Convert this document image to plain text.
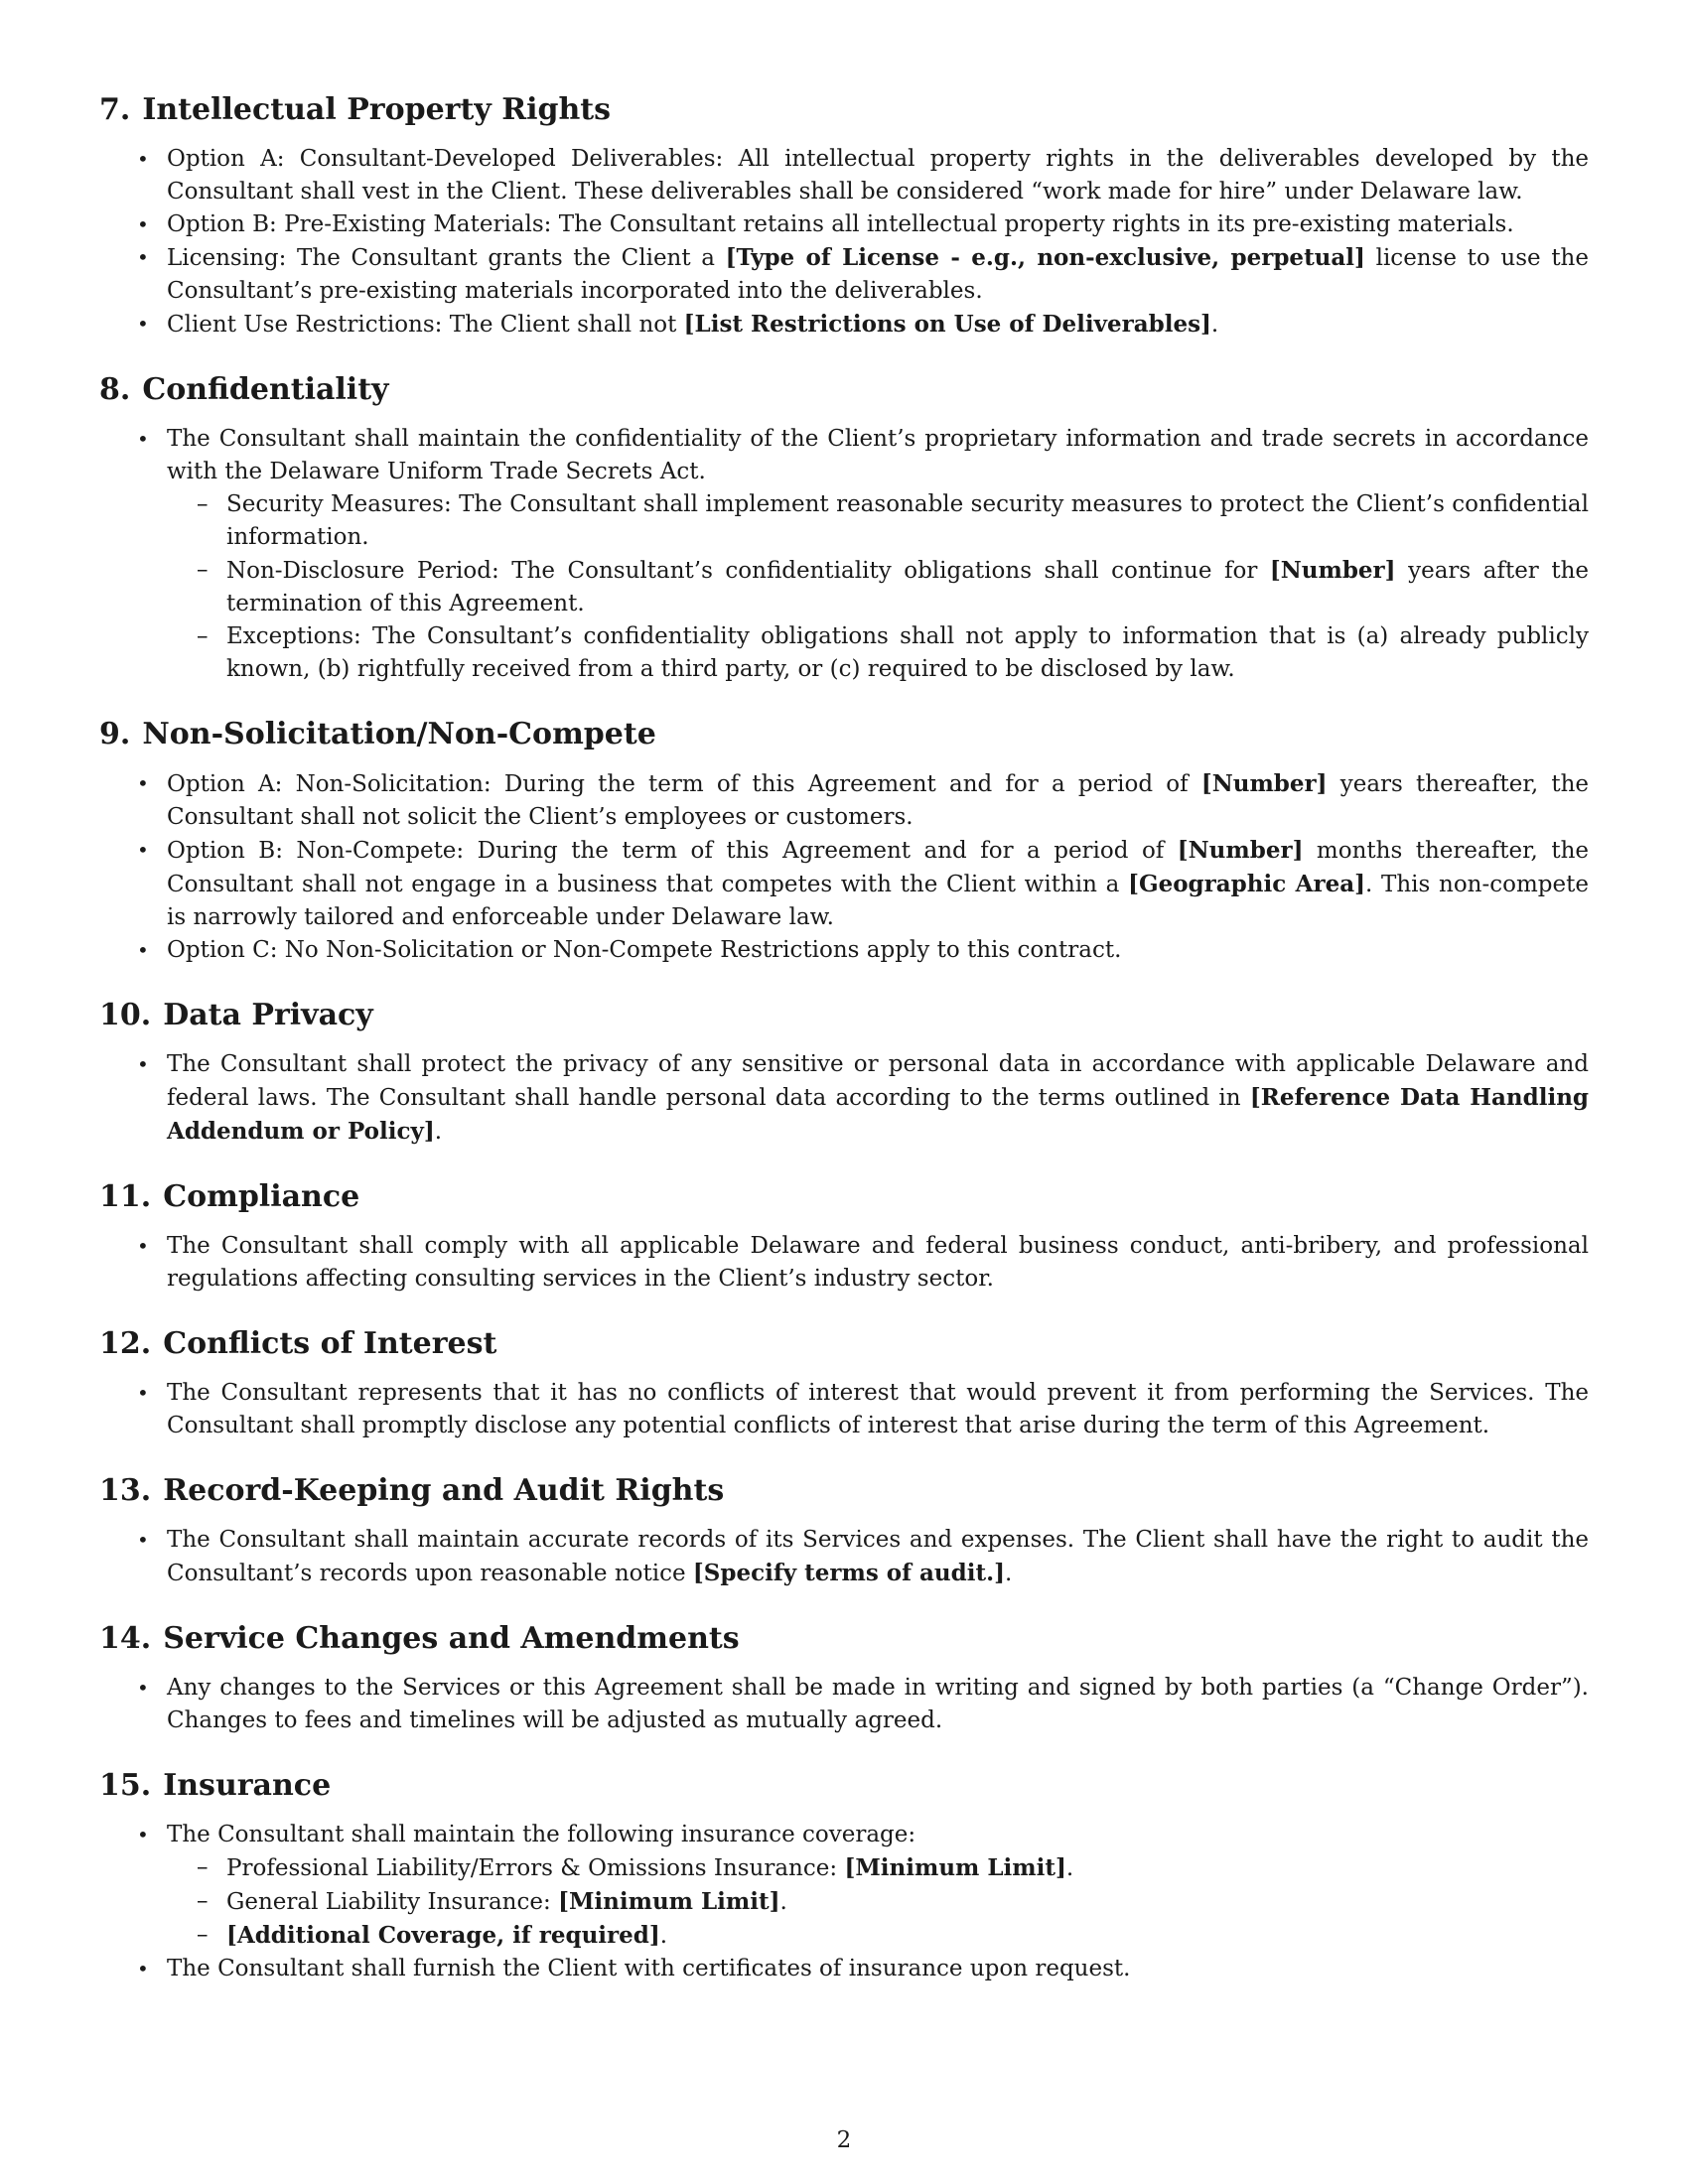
7. Intellectual Property Rights
• Option A: Consultant-Developed Deliverables: All intellectual property rights in the deliverables developed by the Consultant shall vest in the Client. These deliverables shall be considered “work made for hire” under Delaware law.
• Option B: Pre-Existing Materials: The Consultant retains all intellectual property rights in its pre-existing materials.
• Licensing: The Consultant grants the Client a [Type of License - e.g., non-exclusive, perpetual] license to use the Consultant’s pre-existing materials incorporated into the deliverables.
• Client Use Restrictions: The Client shall not [List Restrictions on Use of Deliverables].
8. Confidentiality
• The Consultant shall maintain the confidentiality of the Client’s proprietary information and trade secrets in accordance with the Delaware Uniform Trade Secrets Act.
– Security Measures: The Consultant shall implement reasonable security measures to protect the Client’s confidential information.
– Non-Disclosure Period: The Consultant’s confidentiality obligations shall continue for [Number] years after the termination of this Agreement.
– Exceptions: The Consultant’s confidentiality obligations shall not apply to information that is (a) already publicly known, (b) rightfully received from a third party, or (c) required to be disclosed by law.
9. Non-Solicitation/Non-Compete
• Option A: Non-Solicitation: During the term of this Agreement and for a period of [Number] years thereafter, the Consultant shall not solicit the Client’s employees or customers.
• Option B: Non-Compete: During the term of this Agreement and for a period of [Number] months thereafter, the Consultant shall not engage in a business that competes with the Client within a [Geographic Area]. This non-compete is narrowly tailored and enforceable under Delaware law.
• Option C: No Non-Solicitation or Non-Compete Restrictions apply to this contract.
10. Data Privacy
• The Consultant shall protect the privacy of any sensitive or personal data in accordance with applicable Delaware and federal laws. The Consultant shall handle personal data according to the terms outlined in [Reference Data Handling Addendum or Policy].
11. Compliance
• The Consultant shall comply with all applicable Delaware and federal business conduct, anti-bribery, and professional regulations affecting consulting services in the Client’s industry sector.
12. Conflicts of Interest
• The Consultant represents that it has no conflicts of interest that would prevent it from performing the Services. The Consultant shall promptly disclose any potential conflicts of interest that arise during the term of this Agreement.
13. Record-Keeping and Audit Rights
• The Consultant shall maintain accurate records of its Services and expenses. The Client shall have the right to audit the Consultant’s records upon reasonable notice [Specify terms of audit.].
14. Service Changes and Amendments
• Any changes to the Services or this Agreement shall be made in writing and signed by both parties (a “Change Order”). Changes to fees and timelines will be adjusted as mutually agreed.
15. Insurance
• The Consultant shall maintain the following insurance coverage:
– Professional Liability/Errors & Omissions Insurance: [Minimum Limit].
– General Liability Insurance: [Minimum Limit].
– [Additional Coverage, if required].
• The Consultant shall furnish the Client with certificates of insurance upon request.
2
